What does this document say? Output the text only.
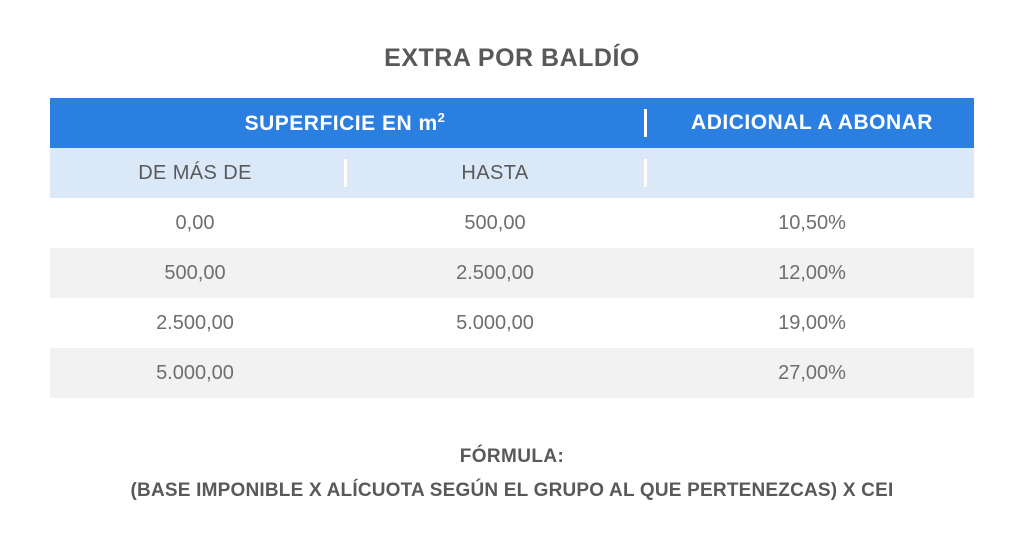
EXTRA POR BALDÍO
SUPERFICIE EN $m^2$				ADICIONAL A ABONAR
DE MÁS DE		HASTA	

0,00		500,00		10,50%
500,00		2.500,00		12,00%
2.500,00		5.000,00		19,00%
5.000,00				27,00%
FÓRMULA:
(BASE IMPONIBLE X ALÍCUOTA SEGÚN EL GRUPO AL QUE PERTENEZCAS) X CEI
